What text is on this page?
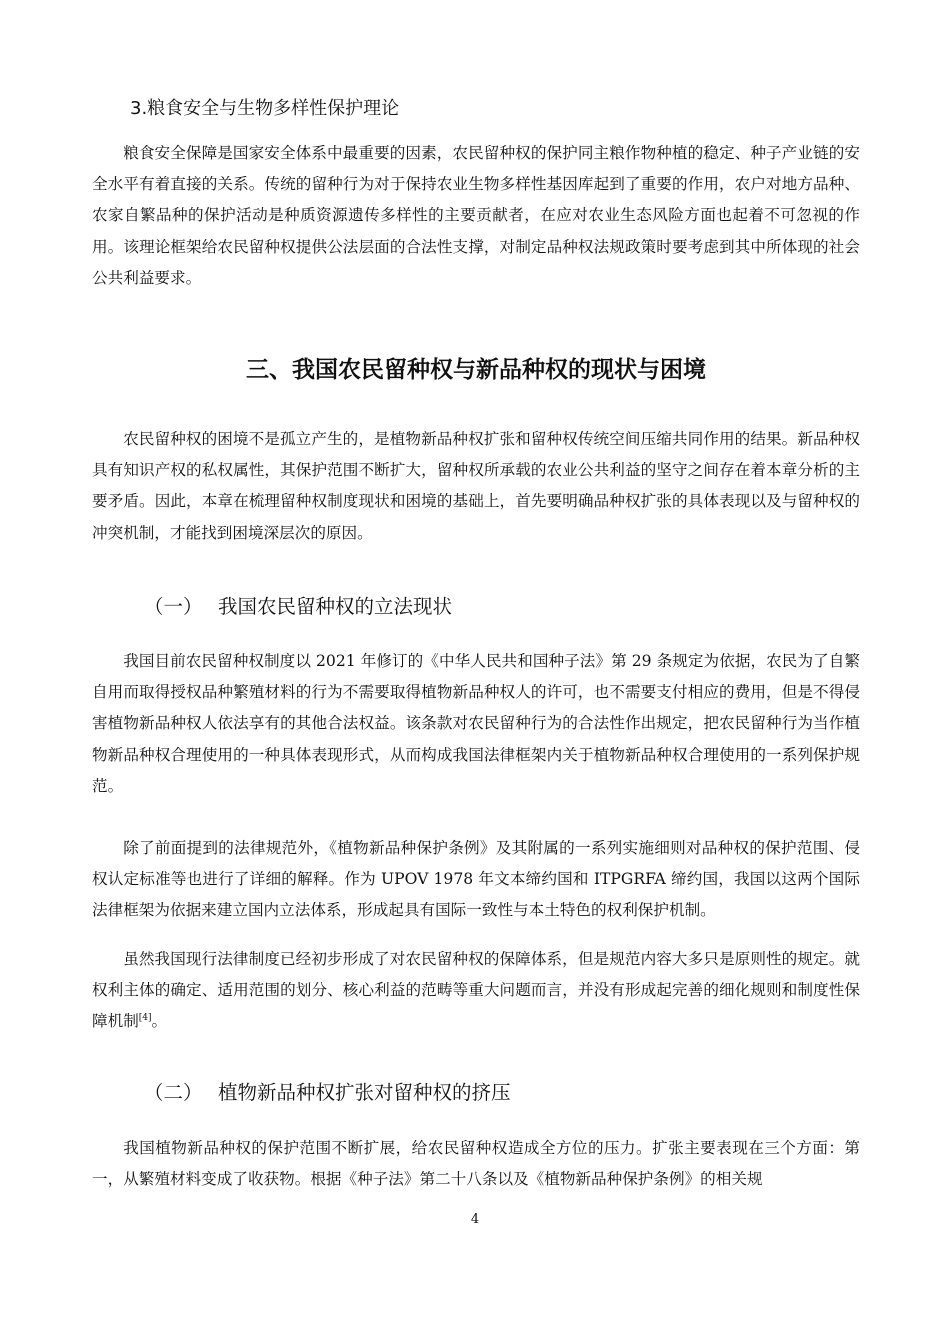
3.粮食安全与生物多样性保护理论

粮食安全保障是国家安全体系中最重要的因素，农民留种权的保护同主粮作物种植的稳定、种子产业链的安全水平有着直接的关系。传统的留种行为对于保持农业生物多样性基因库起到了重要的作用，农户对地方品种、农家自繁品种的保护活动是种质资源遗传多样性的主要贡献者，在应对农业生态风险方面也起着不可忽视的作用。该理论框架给农民留种权提供公法层面的合法性支撑，对制定品种权法规政策时要考虑到其中所体现的社会公共利益要求。

三、我国农民留种权与新品种权的现状与困境

农民留种权的困境不是孤立产生的，是植物新品种权扩张和留种权传统空间压缩共同作用的结果。新品种权具有知识产权的私权属性，其保护范围不断扩大，留种权所承载的农业公共利益的坚守之间存在着本章分析的主要矛盾。因此，本章在梳理留种权制度现状和困境的基础上，首先要明确品种权扩张的具体表现以及与留种权的冲突机制，才能找到困境深层次的原因。

（一） 我国农民留种权的立法现状

我国目前农民留种权制度以 2021 年修订的《中华人民共和国种子法》第 29 条规定为依据，农民为了自繁自用而取得授权品种繁殖材料的行为不需要取得植物新品种权人的许可，也不需要支付相应的费用，但是不得侵害植物新品种权人依法享有的其他合法权益。该条款对农民留种行为的合法性作出规定，把农民留种行为当作植物新品种权合理使用的一种具体表现形式，从而构成我国法律框架内关于植物新品种权合理使用的一系列保护规范。

除了前面提到的法律规范外，《植物新品种保护条例》及其附属的一系列实施细则对品种权的保护范围、侵权认定标准等也进行了详细的解释。作为 UPOV 1978 年文本缔约国和 ITPGRFA 缔约国，我国以这两个国际法律框架为依据来建立国内立法体系，形成起具有国际一致性与本土特色的权利保护机制。

虽然我国现行法律制度已经初步形成了对农民留种权的保障体系，但是规范内容大多只是原则性的规定。就权利主体的确定、适用范围的划分、核心利益的范畴等重大问题而言，并没有形成起完善的细化规则和制度性保障机制[4]。

（二） 植物新品种权扩张对留种权的挤压

我国植物新品种权的保护范围不断扩展，给农民留种权造成全方位的压力。扩张主要表现在三个方面：第一，从繁殖材料变成了收获物。根据《种子法》第二十八条以及《植物新品种保护条例》的相关规

4
